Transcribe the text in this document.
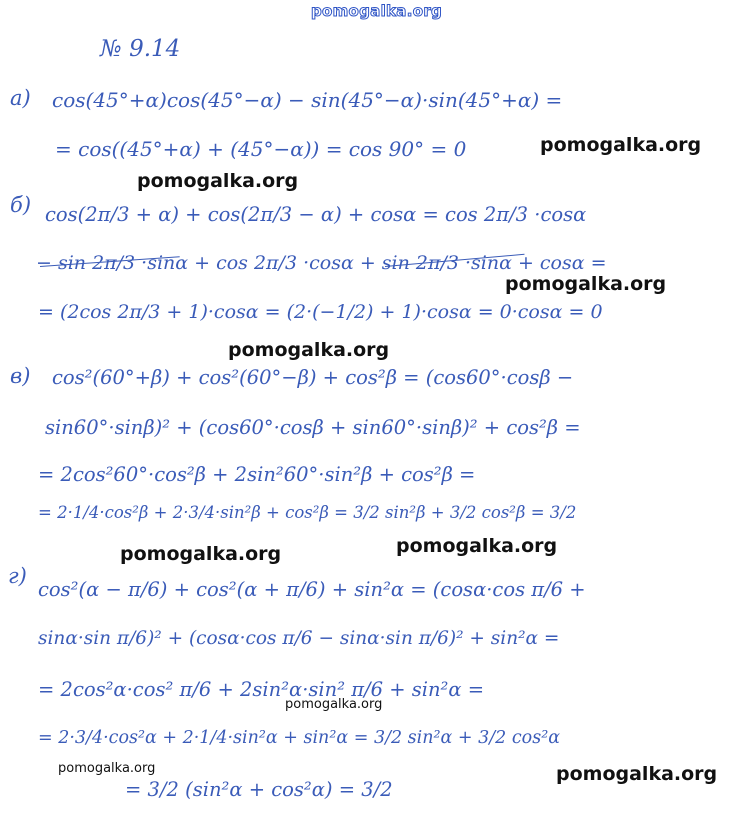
pomogalka.org
№ 9.14
а) cos(45°+α)cos(45°−α) − sin(45°−α)·sin(45°+α) =
= cos((45°+α) + (45°−α)) = cos 90° = 0
б) cos(2π/3 + α) + cos(2π/3 − α) + cosα = cos 2π/3 ·cosα
− sin 2π/3 ·sinα + cos 2π/3 ·cosα + sin 2π/3 ·sinα + cosα =
= (2cos 2π/3 + 1)·cosα = (2·(−1/2) + 1)·cosα = 0·cosα = 0
в) cos²(60°+β) + cos²(60°−β) + cos²β = (cos60°·cosβ −
sin60°·sinβ)² + (cos60°·cosβ + sin60°·sinβ)² + cos²β =
= 2cos²60°·cos²β + 2sin²60°·sin²β + cos²β =
= 2·1/4·cos²β + 2·3/4·sin²β + cos²β = 3/2 sin²β + 3/2 cos²β = 3/2
г)
cos²(α − π/6) + cos²(α + π/6) + sin²α = (cosα·cos π/6 +
sinα·sin π/6)² + (cosα·cos π/6 − sinα·sin π/6)² + sin²α =
= 2cos²α·cos² π/6 + 2sin²α·sin² π/6 + sin²α =
= 2·3/4·cos²α + 2·1/4·sin²α + sin²α = 3/2 sin²α + 3/2 cos²α
= 3/2 (sin²α + cos²α) = 3/2
pomogalka.org
pomogalka.org
pomogalka.org
pomogalka.org
pomogalka.org
pomogalka.org
pomogalka.org
pomogalka.org	pomogalka.org
